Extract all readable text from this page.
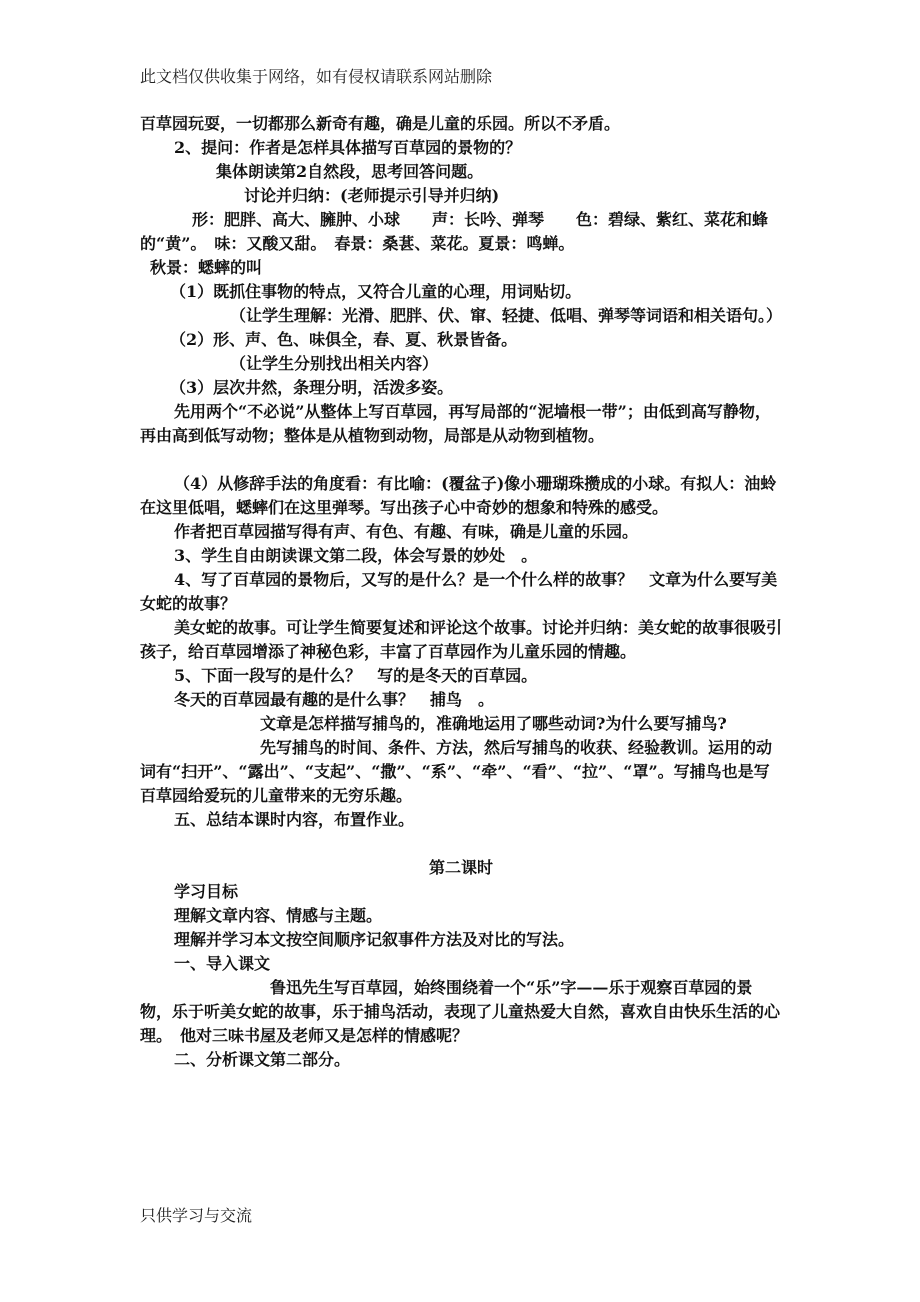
此文档仅供收集于网络，如有侵权请联系网站删除

百草园玩耍，一切都那么新奇有趣，确是儿童的乐园。所以不矛盾。

2、提问：作者是怎样具体描写百草园的景物的？

集体朗读第2自然段，思考回答问题。

讨论并归纳：(老师提示引导并归纳)

形：肥胖、高大、臃肿、小球　　声：长吟、弹琴　　色：碧绿、紫红、菜花和蜂的“黄”。　味：又酸又甜。　春景：桑葚、菜花。夏景：鸣蝉。

秋景：蟋蟀的叫

（1）既抓住事物的特点，又符合儿童的心理，用词贴切。

（让学生理解：光滑、肥胖、伏、窜、轻捷、低唱、弹琴等词语和相关语句。）

（2）形、声、色、味俱全，春、夏、秋景皆备。

（让学生分别找出相关内容）

（3）层次井然，条理分明，活泼多姿。

先用两个“不必说”从整体上写百草园，再写局部的“泥墙根一带”；由低到高写静物，再由高到低写动物；整体是从植物到动物，局部是从动物到植物。

（4）从修辞手法的角度看：有比喻：(覆盆子)像小珊瑚珠攒成的小球。有拟人：油蛉在这里低唱，蟋蟀们在这里弹琴。写出孩子心中奇妙的想象和特殊的感受。

作者把百草园描写得有声、有色、有趣、有味，确是儿童的乐园。

3、学生自由朗读课文第二段，体会写景的妙处　。

4、写了百草园的景物后，又写的是什么？是一个什么样的故事？　文章为什么要写美女蛇的故事？

美女蛇的故事。可让学生简要复述和评论这个故事。讨论并归纳：美女蛇的故事很吸引孩子，给百草园增添了神秘色彩，丰富了百草园作为儿童乐园的情趣。

5、下面一段写的是什么？　写的是冬天的百草园。

冬天的百草园最有趣的是什么事？　捕鸟　。

文章是怎样描写捕鸟的，准确地运用了哪些动词?为什么要写捕鸟?

先写捕鸟的时间、条件、方法，然后写捕鸟的收获、经验教训。运用的动词有“扫开”、“露出”、“支起”、“撒”、“系”、“牵”、“看”、“拉”、“罩”。写捕鸟也是写百草园给爱玩的儿童带来的无穷乐趣。

五、总结本课时内容，布置作业。

第二课时

学习目标

理解文章内容、情感与主题。

理解并学习本文按空间顺序记叙事件方法及对比的写法。

一、导入课文

鲁迅先生写百草园，始终围绕着一个“乐”字——乐于观察百草园的景物，乐于听美女蛇的故事，乐于捕鸟活动，表现了儿童热爱大自然，喜欢自由快乐生活的心理。　他对三味书屋及老师又是怎样的情感呢？

二、分析课文第二部分。

只供学习与交流
